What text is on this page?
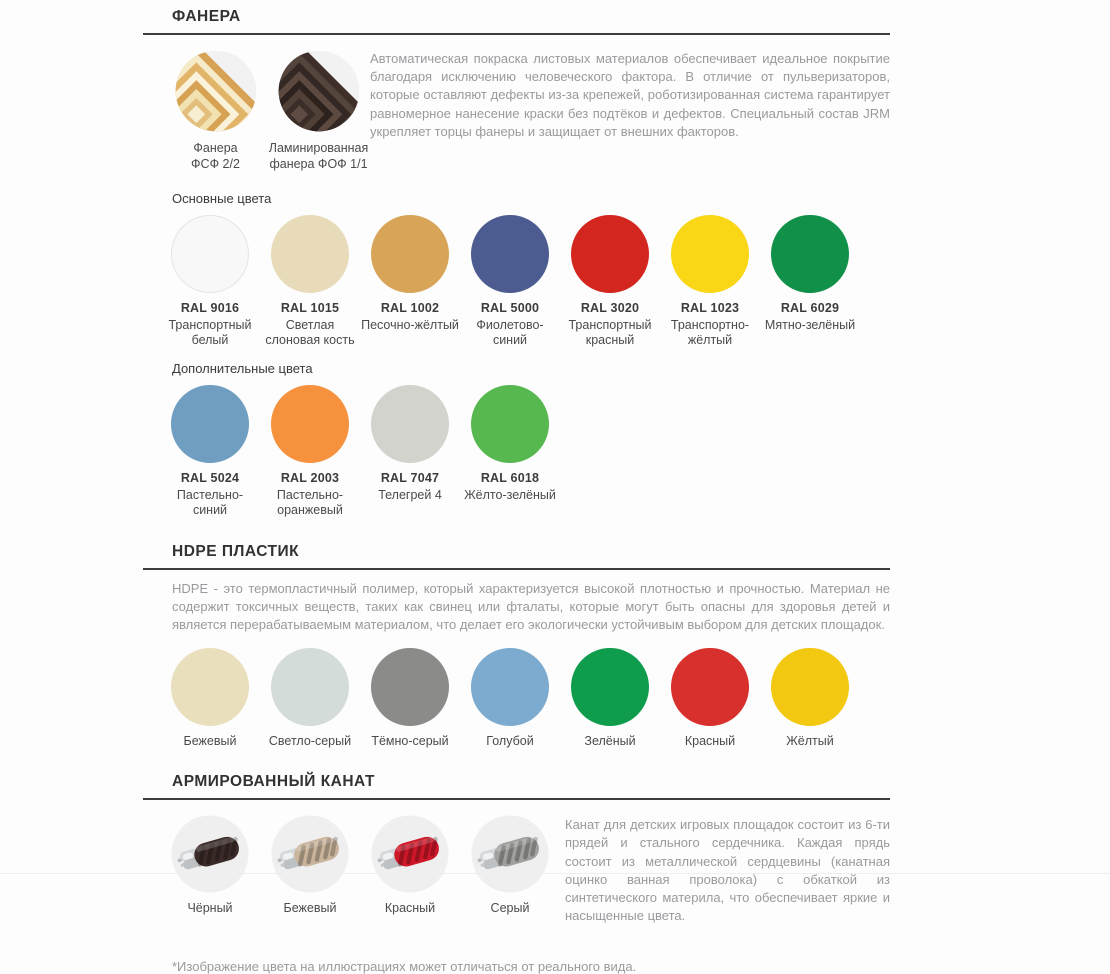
ФАНЕРА
Фанера
ФСФ 2/2
Ламинированная
фанера ФОФ 1/1

Автоматическая покраска листовых материалов обеспечивает идеальное покрытие благодаря исключению человеческого фактора. В отличие от пульверизаторов, которые оставляют дефекты из-за крепежей, роботизированная система гарантирует равномерное нанесение краски без подтёков и дефектов. Специальный состав JRM укрепляет торцы фанеры и защищает от внешних факторов.

Основные цвета
RAL 9016
Транспортный белый
RAL 1015
Светлая слоновая кость
RAL 1002
Песочно-жёлтый
RAL 5000
Фиолетово-синий
RAL 3020
Транспортный красный
RAL 1023
Транспортно-жёлтый
RAL 6029
Мятно-зелёный
Дополнительные цвета
RAL 5024
Пастельно-синий
RAL 2003
Пастельно-оранжевый
RAL 7047
Телегрей 4
RAL 6018
Жёлто-зелёный
HDPE ПЛАСТИК

HDPE - это термопластичный полимер, который характеризуется высокой плотностью и прочностью. Материал не содержит токсичных веществ, таких как свинец или фталаты, которые могут быть опасны для здоровья детей и является перерабатываемым материалом, что делает его экологически устойчивым выбором для детских площадок.

Бежевый	Светло-серый	Тёмно-серый	Голубой	Зелёный	Красный	Жёлтый
АРМИРОВАННЫЙ КАНАТ
Чёрный	Бежевый	Красный	Серый

Канат для детских игровых площадок состоит из 6-ти прядей и стального сердечника. Каждая прядь состоит из металлической сердцевины (канатная оцинко ванная проволока) с обкаткой из синтетического материла, что обеспечивает яркие и насыщенные цвета.

*Изображение цвета на иллюстрациях может отличаться от реального вида.
